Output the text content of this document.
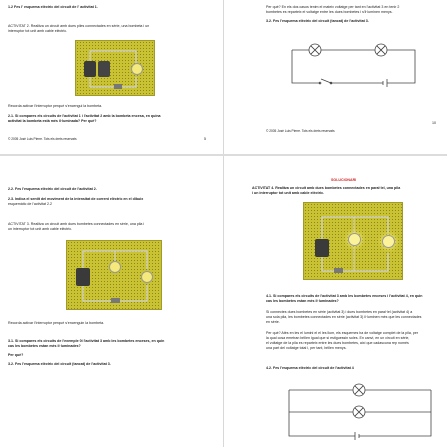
1.2 Fes l' esquema elèctric del circuit de l' activitat 1.
ACTIVITAT 2. Realitza un circuit amb dues piles connectades en sèrie, una bombeta i un
interruptor tot unit amb cable elèctric.
Recorda activar l'interruptor perquè s'encengui la bombeta.
2.1. Si compares els circuits de l'activitat 1 i l'activitat 2 amb la bombeta encesa, en quina
activitat la bombeta està més il·luminada? Per què?
© 2005 Josè Luis Pierre. Tots els drets reservats	5
Per què? En els dos casos tenim el mateix voltatge per tant en l'activitat 3 en tenir 2
bombetes es reparteix el voltatge entre les dues bombetes i s'il·luminen menys.
3.2. Fes l'esquema elèctric del circuit (tancat) de l'activitat 3.
© 2005 Josè Luis Pierre. Tots els drets reservats
10
2.2. Fes l'esquema elèctric del circuit de l'activitat 2.
2.3. Indica el sentit del moviment de la intensitat de corrent elèctric en el dibuix
esquemàtic de l'activitat 2.2
ACTIVITAT 3. Realitza un circuit amb dues bombetes connectades en sèrie, una pila i
un interruptor tot unit amb cable elèctric.
Recorda activar l'interruptor perquè s'encenguin la bombeta.
3.1. Si compares els circuits de l'exemple 0i l'activitat 3 amb les bombetes enceses, en quin
cas les bombetes estan més il·luminades?
Per què?
3.2. Fes l'esquema elèctric del circuit (tancat) de l'activitat 3.
SOLUCIONARI
ACTIVITAT 4. Realitza un circuit amb dues bombetes connectades en paral·lel, una pila
i un interruptor tot unit amb cable elèctric.
4.1. Si compares els circuits de l'activitat 3 amb les bombetes enceses i l'activitat 4, en quin
cas les bombetes estan més il·luminades?
Si connectes dues bombetes en sèrie (activitat 3) i dues bombetes en paral·lel (activitat 4) a
una sola pila, les bombetes connectades en sèrie (activitat 3) il·luminen més que les connectades
en sèrie.
Per què? Atès en les el lumini el el les llum, els esquemes ha de voltatge complet de la pila, per
la qual cosa emetran brillen igual que si estiguessin soles. En canvi, en un circuit en sèrie,
el voltatge de la pila es reparteix entre les dues bombetes, així que cadascuna rep només
una part del voltatge total i, per tant, brillen menys.
4.2. Fes l'esquema elèctric del circuit de l'activitat 4
